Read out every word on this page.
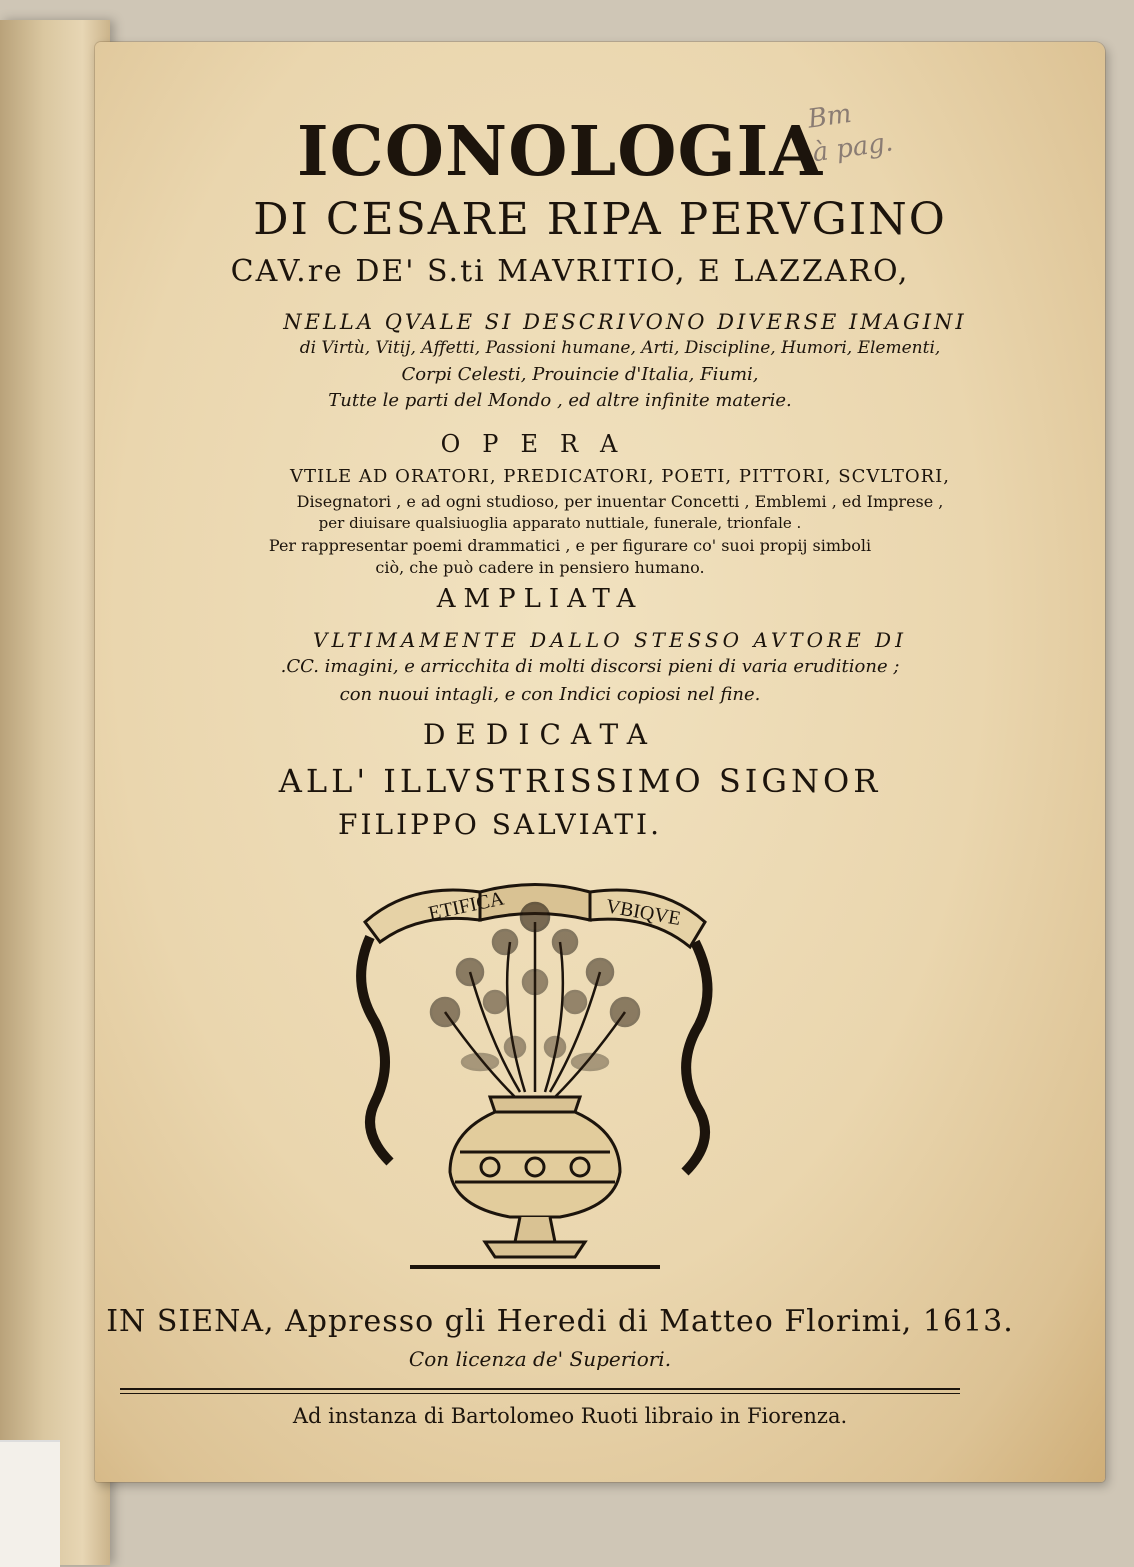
Bm
à pag.
ICONOLOGIA
DI CESARE RIPA PERVGINO
CAV.re DE' S.ti MAVRITIO, E LAZZARO,
NELLA QVALE SI DESCRIVONO DIVERSE IMAGINI
di Virtù, Vitij, Affetti, Passioni humane, Arti, Discipline, Humori, Elementi,
Corpi Celesti, Prouincie d'Italia, Fiumi,
Tutte le parti del Mondo , ed altre infinite materie.
OPERA
VTILE AD ORATORI, PREDICATORI, POETI, PITTORI, SCVLTORI,
Disegnatori , e ad ogni studioso, per inuentar Concetti , Emblemi , ed Imprese ,
per diuisare qualsiuoglia apparato nuttiale, funerale, trionfale .
Per rappresentar poemi drammatici , e per figurare co' suoi propij simboli
ciò, che può cadere in pensiero humano.
AMPLIATA
VLTIMAMENTE DALLO STESSO AVTORE DI
.CC. imagini, e arricchita di molti discorsi pieni di varia eruditione ;
con nuoui intagli, e con Indici copiosi nel fine.
DEDICATA
ALL' ILLVSTRISSIMO SIGNOR
FILIPPO SALVIATI.
ETIFICA	VBIQVE
IN SIENA, Appresso gli Heredi di Matteo Florimi, 1613.
Con licenza de' Superiori.
Ad instanza di Bartolomeo Ruoti libraio in Fiorenza.
